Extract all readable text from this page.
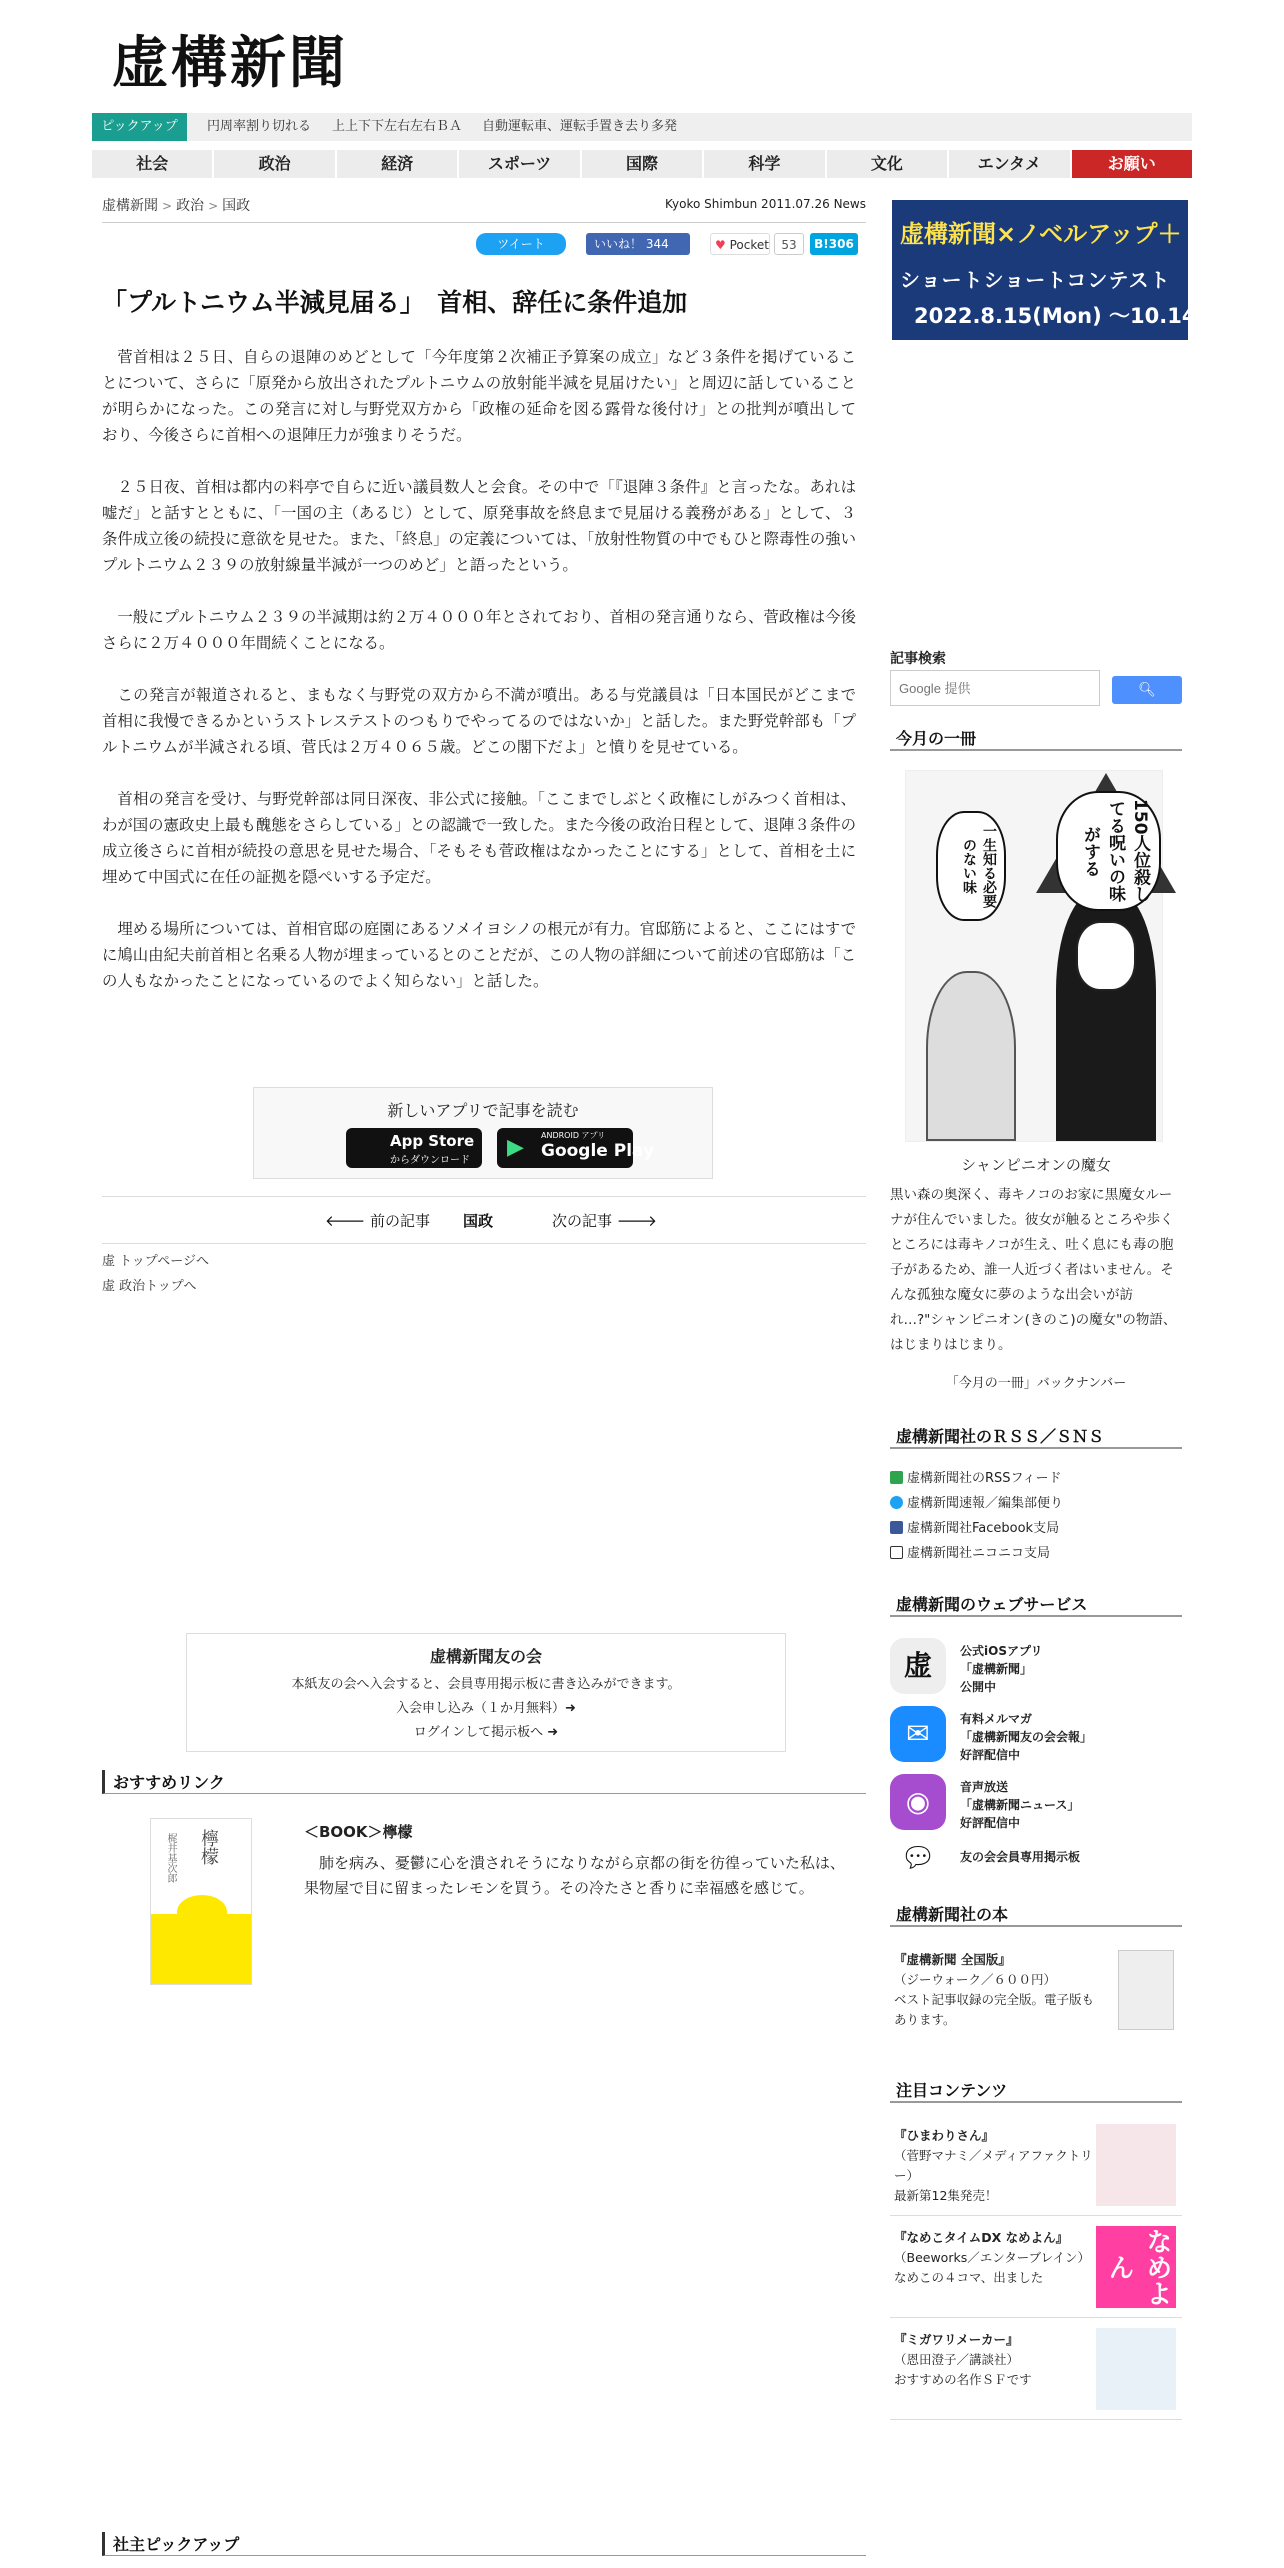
虚構新聞
ピックアップ	円周率割り切れる 上上下下左右左右ＢＡ 自動運転車、運転手置き去り多発
社会	政治	経済	スポーツ	国際	科学	文化	エンタメ	お願い
虚構新聞 > 政治 > 国政	Kyoko Shimbun 2011.07.26 News
ツイート	いいね！ 344	♥ Pocket	53	B!306
「プルトニウム半減見届る」　首相、辞任に条件追加

菅首相は２５日、自らの退陣のめどとして「今年度第２次補正予算案の成立」など３条件を掲げていることについて、さらに「原発から放出されたプルトニウムの放射能半減を見届けたい」と周辺に話していることが明らかになった。この発言に対し与野党双方から「政権の延命を図る露骨な後付け」との批判が噴出しており、今後さらに首相への退陣圧力が強まりそうだ。

２５日夜、首相は都内の料亭で自らに近い議員数人と会食。その中で「『退陣３条件』と言ったな。あれは嘘だ」と話すとともに、「一国の主（あるじ）として、原発事故を終息まで見届ける義務がある」として、３条件成立後の続投に意欲を見せた。また、「終息」の定義については、「放射性物質の中でもひと際毒性の強いプルトニウム２３９の放射線量半減が一つのめど」と語ったという。

一般にプルトニウム２３９の半減期は約２万４０００年とされており、首相の発言通りなら、菅政権は今後さらに２万４０００年間続くことになる。

この発言が報道されると、まもなく与野党の双方から不満が噴出。ある与党議員は「日本国民がどこまで首相に我慢できるかというストレステストのつもりでやってるのではないか」と話した。また野党幹部も「プルトニウムが半減される頃、菅氏は２万４０６５歳。どこの閣下だよ」と憤りを見せている。

首相の発言を受け、与野党幹部は同日深夜、非公式に接触。「ここまでしぶとく政権にしがみつく首相は、わが国の憲政史上最も醜態をさらしている」との認識で一致した。また今後の政治日程として、退陣３条件の成立後さらに首相が続投の意思を見せた場合、「そもそも菅政権はなかったことにする」として、首相を土に埋めて中国式に在任の証拠を隠ぺいする予定だ。

埋める場所については、首相官邸の庭園にあるソメイヨシノの根元が有力。官邸筋によると、ここにはすでに鳩山由紀夫前首相と名乗る人物が埋まっているとのことだが、この人物の詳細について前述の官邸筋は「この人もなかったことになっているのでよく知らない」と話した。

新しいアプリで記事を読む
App Store
からダウンロード
▶ ANDROID アプリ
Google Play
🡐 前の記事 国政	次の記事 🡒
虚 トップページへ
虚 政治トップへ
虚構新聞友の会
本紙友の会へ入会すると、会員専用掲示板に書き込みができます。
入会申し込み（１か月無料）➜
ログインして掲示板へ ➜
おすすめリンク
梶井基次郎 檸檬	＜BOOK＞檸檬
肺を病み、憂鬱に心を潰されそうになりながら京都の街を彷徨っていた私は、果物屋で目に留まったレモンを買う。その冷たさと香りに幸福感を感じて。
虚構新聞×ノベルアップ＋
ショートショートコンテスト
2022.8.15(Mon) 〜10.14(Fri)
記事検索
Google 提供
🔍︎
今月の一冊
150人位殺してる呪いの味がする
一生知る必要のない味
シャンピニオンの魔女
黒い森の奥深く、毒キノコのお家に黒魔女ルーナが住んでいました。彼女が触るところや歩くところには毒キノコが生え、吐く息にも毒の胞子があるため、誰一人近づく者はいません。そんな孤独な魔女に夢のような出会いが訪れ…?"シャンピニオン(きのこ)の魔女"の物語、はじまりはじまり。
「今月の一冊」バックナンバー
虚構新聞社のＲＳＳ／ＳＮＳ
虚構新聞社のRSSフィード
虚構新聞速報／編集部便り
虚構新聞社Facebook支局
虚構新聞社ニコニコ支局
虚構新聞のウェブサービス
虚	公式iOSアプリ
「虚構新聞」
公開中
✉	有料メルマガ
「虚構新聞友の会会報」
好評配信中
◉	音声放送
「虚構新聞ニュース」
好評配信中
💬︎	友の会会員専用掲示板
虚構新聞社の本
『虚構新聞 全国版』
（ジーウォーク／６００円）
ベスト記事収録の完全版。電子版もあります。
注目コンテンツ
『ひまわりさん』
（菅野マナミ／メディアファクトリー）
最新第12集発売！
『なめこタイムDX なめよん』
（Beeworks／エンターブレイン）
なめこの４コマ、出ました	なめよん
『ミガワリメーカー』
（恩田澄子／講談社）
おすすめの名作ＳＦです
社主ピックアップ
